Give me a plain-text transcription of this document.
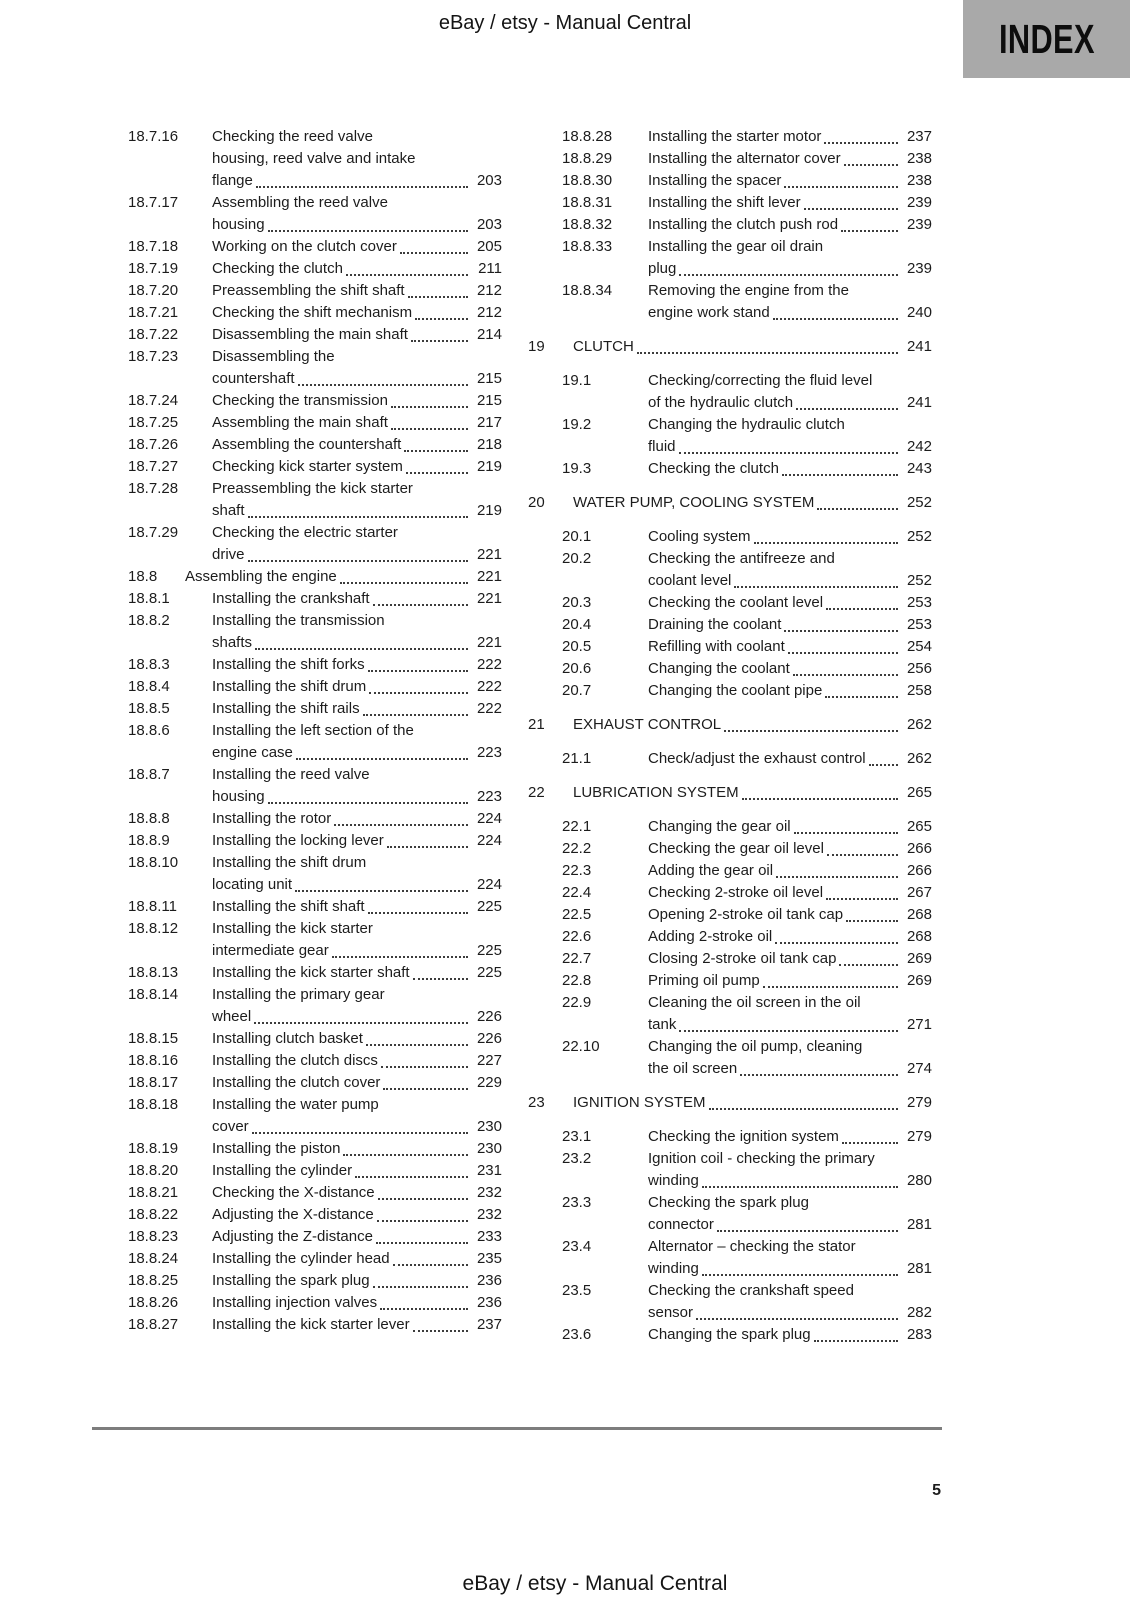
eBay / etsy - Manual Central	INDEX
18.7.16	Checking the reed valve
housing, reed valve and intake
flange	203
18.7.17	Assembling the reed valve
housing	203
18.7.18	Working on the clutch cover	205
18.7.19	Checking the clutch	211
18.7.20	Preassembling the shift shaft	212
18.7.21	Checking the shift mechanism	212
18.7.22	Disassembling the main shaft	214
18.7.23	Disassembling the
countershaft	215
18.7.24	Checking the transmission	215
18.7.25	Assembling the main shaft	217
18.7.26	Assembling the countershaft	218
18.7.27	Checking kick starter system	219
18.7.28	Preassembling the kick starter
shaft	219
18.7.29	Checking the electric starter
drive	221
18.8	Assembling the engine	221
18.8.1	Installing the crankshaft	221
18.8.2	Installing the transmission
shafts	221
18.8.3	Installing the shift forks	222
18.8.4	Installing the shift drum	222
18.8.5	Installing the shift rails	222
18.8.6	Installing the left section of the
engine case	223
18.8.7	Installing the reed valve
housing	223
18.8.8	Installing the rotor	224
18.8.9	Installing the locking lever	224
18.8.10	Installing the shift drum
locating unit	224
18.8.11	Installing the shift shaft	225
18.8.12	Installing the kick starter
intermediate gear	225
18.8.13	Installing the kick starter shaft	225
18.8.14	Installing the primary gear
wheel	226
18.8.15	Installing clutch basket	226
18.8.16	Installing the clutch discs	227
18.8.17	Installing the clutch cover	229
18.8.18	Installing the water pump
cover	230
18.8.19	Installing the piston	230
18.8.20	Installing the cylinder	231
18.8.21	Checking the X-distance	232
18.8.22	Adjusting the X-distance	232
18.8.23	Adjusting the Z-distance	233
18.8.24	Installing the cylinder head	235
18.8.25	Installing the spark plug	236
18.8.26	Installing injection valves	236
18.8.27	Installing the kick starter lever	237
18.8.28	Installing the starter motor	237
18.8.29	Installing the alternator cover	238
18.8.30	Installing the spacer	238
18.8.31	Installing the shift lever	239
18.8.32	Installing the clutch push rod	239
18.8.33	Installing the gear oil drain
plug	239
18.8.34	Removing the engine from the
engine work stand	240
19	CLUTCH	241
19.1	Checking/correcting the fluid level
of the hydraulic clutch	241
19.2	Changing the hydraulic clutch
fluid	242
19.3	Checking the clutch	243
20	WATER PUMP, COOLING SYSTEM	252
20.1	Cooling system	252
20.2	Checking the antifreeze and
coolant level	252
20.3	Checking the coolant level	253
20.4	Draining the coolant	253
20.5	Refilling with coolant	254
20.6	Changing the coolant	256
20.7	Changing the coolant pipe	258
21	EXHAUST CONTROL	262
21.1	Check/adjust the exhaust control	262
22	LUBRICATION SYSTEM	265
22.1	Changing the gear oil	265
22.2	Checking the gear oil level	266
22.3	Adding the gear oil	266
22.4	Checking 2-stroke oil level	267
22.5	Opening 2-stroke oil tank cap	268
22.6	Adding 2-stroke oil	268
22.7	Closing 2-stroke oil tank cap	269
22.8	Priming oil pump	269
22.9	Cleaning the oil screen in the oil
tank	271
22.10	Changing the oil pump, cleaning
the oil screen	274
23	IGNITION SYSTEM	279
23.1	Checking the ignition system	279
23.2	Ignition coil - checking the primary
winding	280
23.3	Checking the spark plug
connector	281
23.4	Alternator – checking the stator
winding	281
23.5	Checking the crankshaft speed
sensor	282
23.6	Changing the spark plug	283
5
eBay / etsy - Manual Central
